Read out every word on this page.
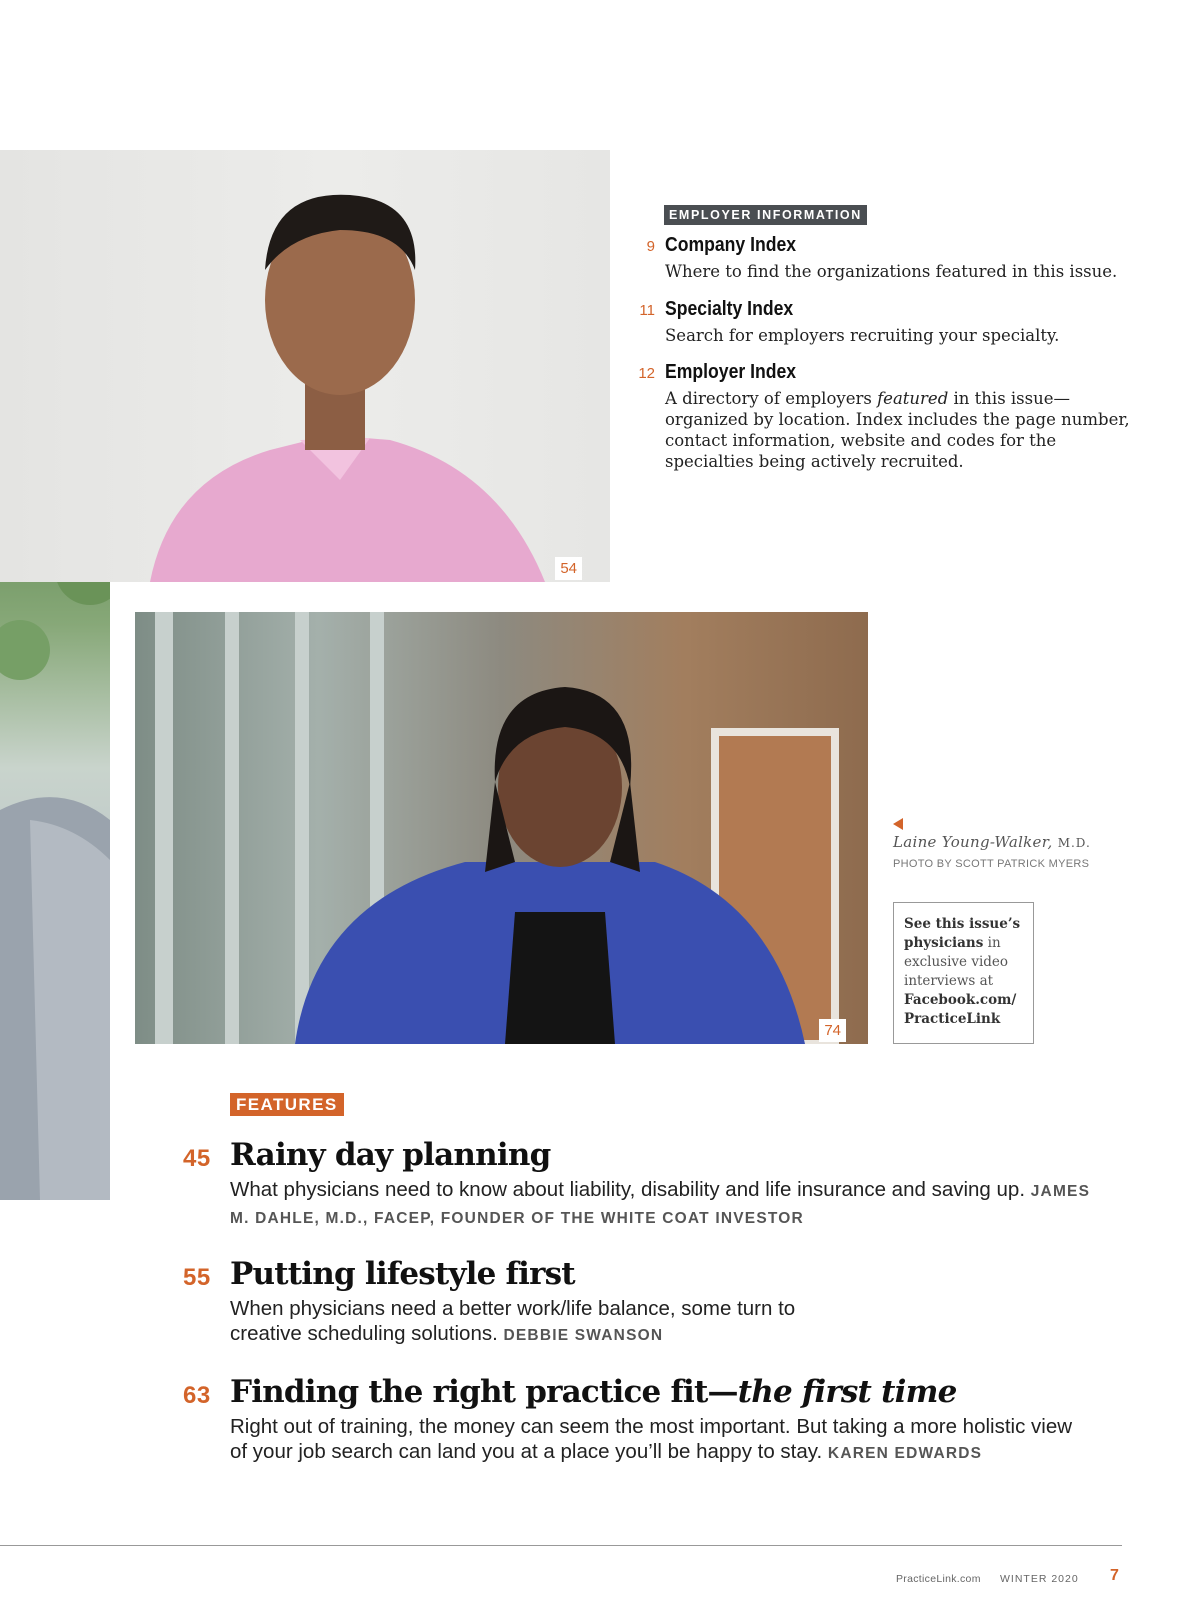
54
74
EMPLOYER INFORMATION
9 Company Index
Where to find the organizations featured in this issue.
11 Specialty Index
Search for employers recruiting your specialty.
12 Employer Index
A directory of employers featured in this issue—organized by location. Index includes the page number, contact information, website and codes for the specialties being actively recruited.
Laine Young-Walker, M.D.
PHOTO BY SCOTT PATRICK MYERS
See this issue’s physicians in exclusive video interviews at Facebook.com/ PracticeLink
FEATURES
45 Rainy day planning
What physicians need to know about liability, disability and life insurance and saving up. JAMES M. DAHLE, M.D., FACEP, FOUNDER OF THE WHITE COAT INVESTOR
55 Putting lifestyle first
When physicians need a better work/life balance, some turn to creative scheduling solutions. DEBBIE SWANSON
63 Finding the right practice fit—the first time
Right out of training, the money can seem the most important. But taking a more holistic view of your job search can land you at a place you’ll be happy to stay. KAREN EDWARDS
PracticeLink.com WINTER 2020 7
